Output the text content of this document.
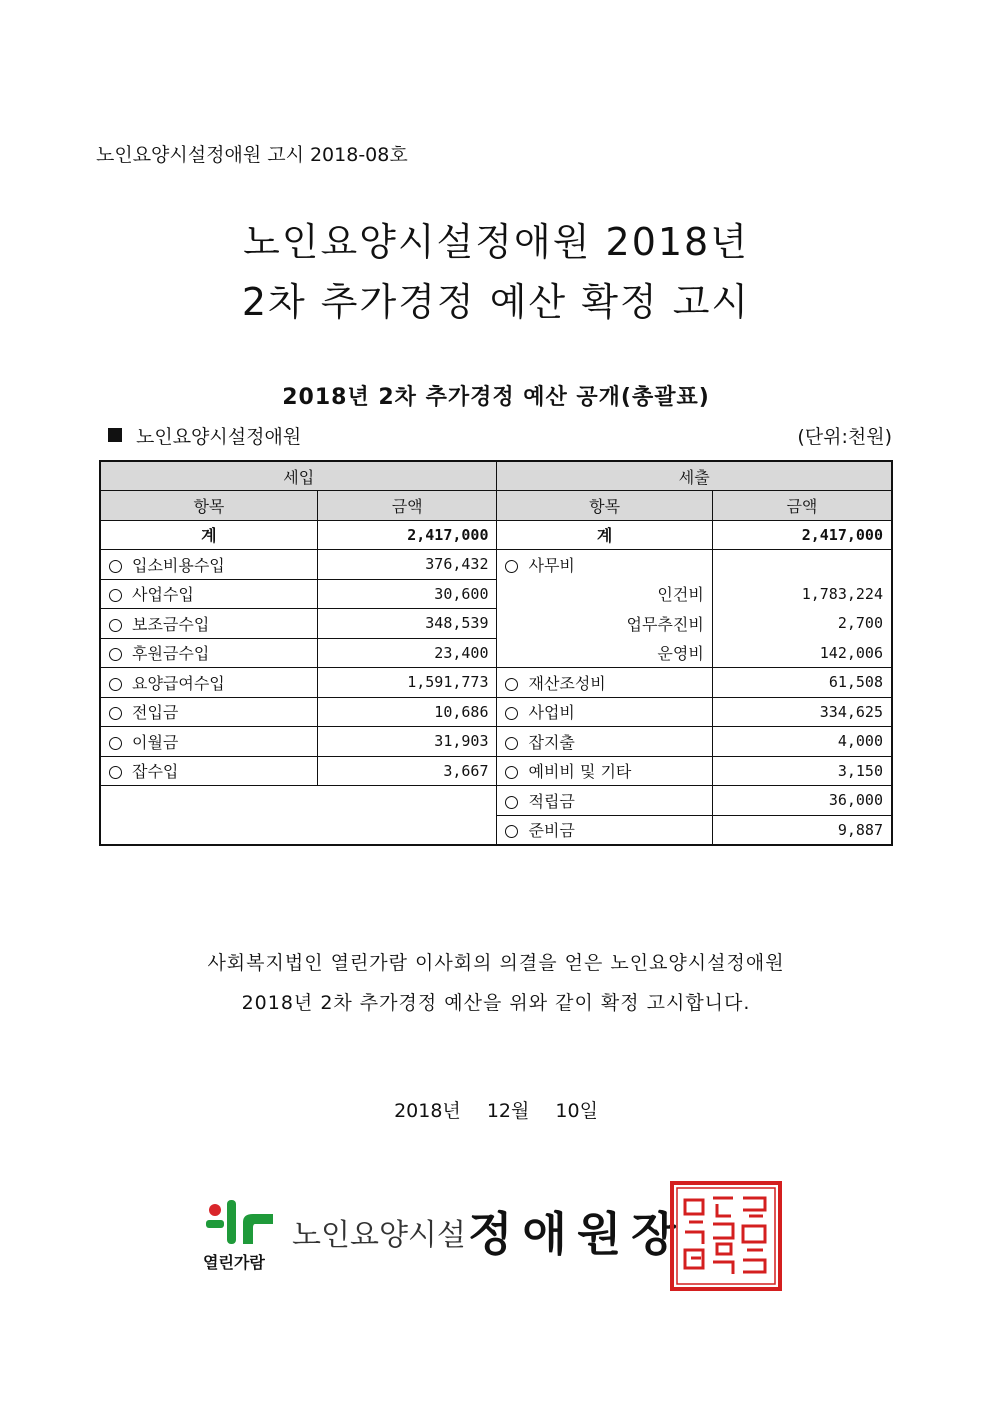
노인요양시설정애원 고시 2018-08호
노인요양시설정애원 2018년
2차 추가경정 예산 확정 고시
2018년 2차 추가경정 예산 공개(총괄표)
노인요양시설정애원	(단위:천원)
세입		세출	
항목	금액	항목	금액
계	2,417,000	계	2,417,000
입소비용수입	376,432	사무비	
사업수입	30,600	인건비	1,783,224
보조금수입	348,539	업무추진비	2,700
후원금수입	23,400	운영비	142,006
요양급여수입	1,591,773	재산조성비	61,508
전입금	10,686	사업비	334,625
이월금	31,903	잡지출	4,000
잡수입	3,667	예비비 및 기타	3,150
		적립금	36,000
		준비금	9,887
사회복지법인 열린가람 이사회의 의결을 얻은 노인요양시설정애원
2018년 2차 추가경정 예산을 위와 같이 확정 고시합니다.
2018년 12월 10일
열린가람
노인요양시설 정애원장
